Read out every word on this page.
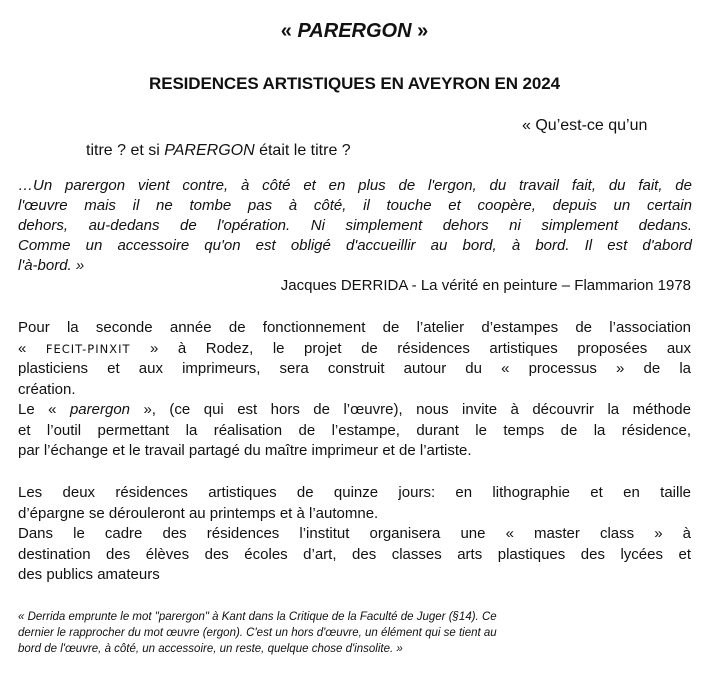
« PARERGON »
RESIDENCES ARTISTIQUES EN AVEYRON EN 2024
« Qu’est-ce qu’un
titre ? et si PARERGON était le titre ?
…Un parergon vient contre, à côté et en plus de l'ergon, du travail fait, du fait, de
l'œuvre mais il ne tombe pas à côté, il touche et coopère, depuis un certain
dehors, au-dedans de l'opération. Ni simplement dehors ni simplement dedans.
Comme un accessoire qu'on est obligé d'accueillir au bord, à bord. Il est d'abord
l'à-bord. »
Jacques DERRIDA - La vérité en peinture – Flammarion 1978
Pour la seconde année de fonctionnement de l’atelier d’estampes de l’association
« FECIT-PINXIT » à Rodez, le projet de résidences artistiques proposées aux
plasticiens et aux imprimeurs, sera construit autour du « processus » de la
création.
Le « parergon », (ce qui est hors de l’œuvre), nous invite à découvrir la méthode
et l’outil permettant la réalisation de l’estampe, durant le temps de la résidence,
par l’échange et le travail partagé du maître imprimeur et de l’artiste.
Les deux résidences artistiques de quinze jours: en lithographie et en taille
d’épargne se dérouleront au printemps et à l’automne.
Dans le cadre des résidences l’institut organisera une « master class » à
destination des élèves des écoles d’art, des classes arts plastiques des lycées et
des publics amateurs
« Derrida emprunte le mot "parergon" à Kant dans la Critique de la Faculté de Juger (§14). Ce
dernier le rapprocher du mot œuvre (ergon). C'est un hors d'œuvre, un élément qui se tient au
bord de l'œuvre, à côté, un accessoire, un reste, quelque chose d'insolite. »
